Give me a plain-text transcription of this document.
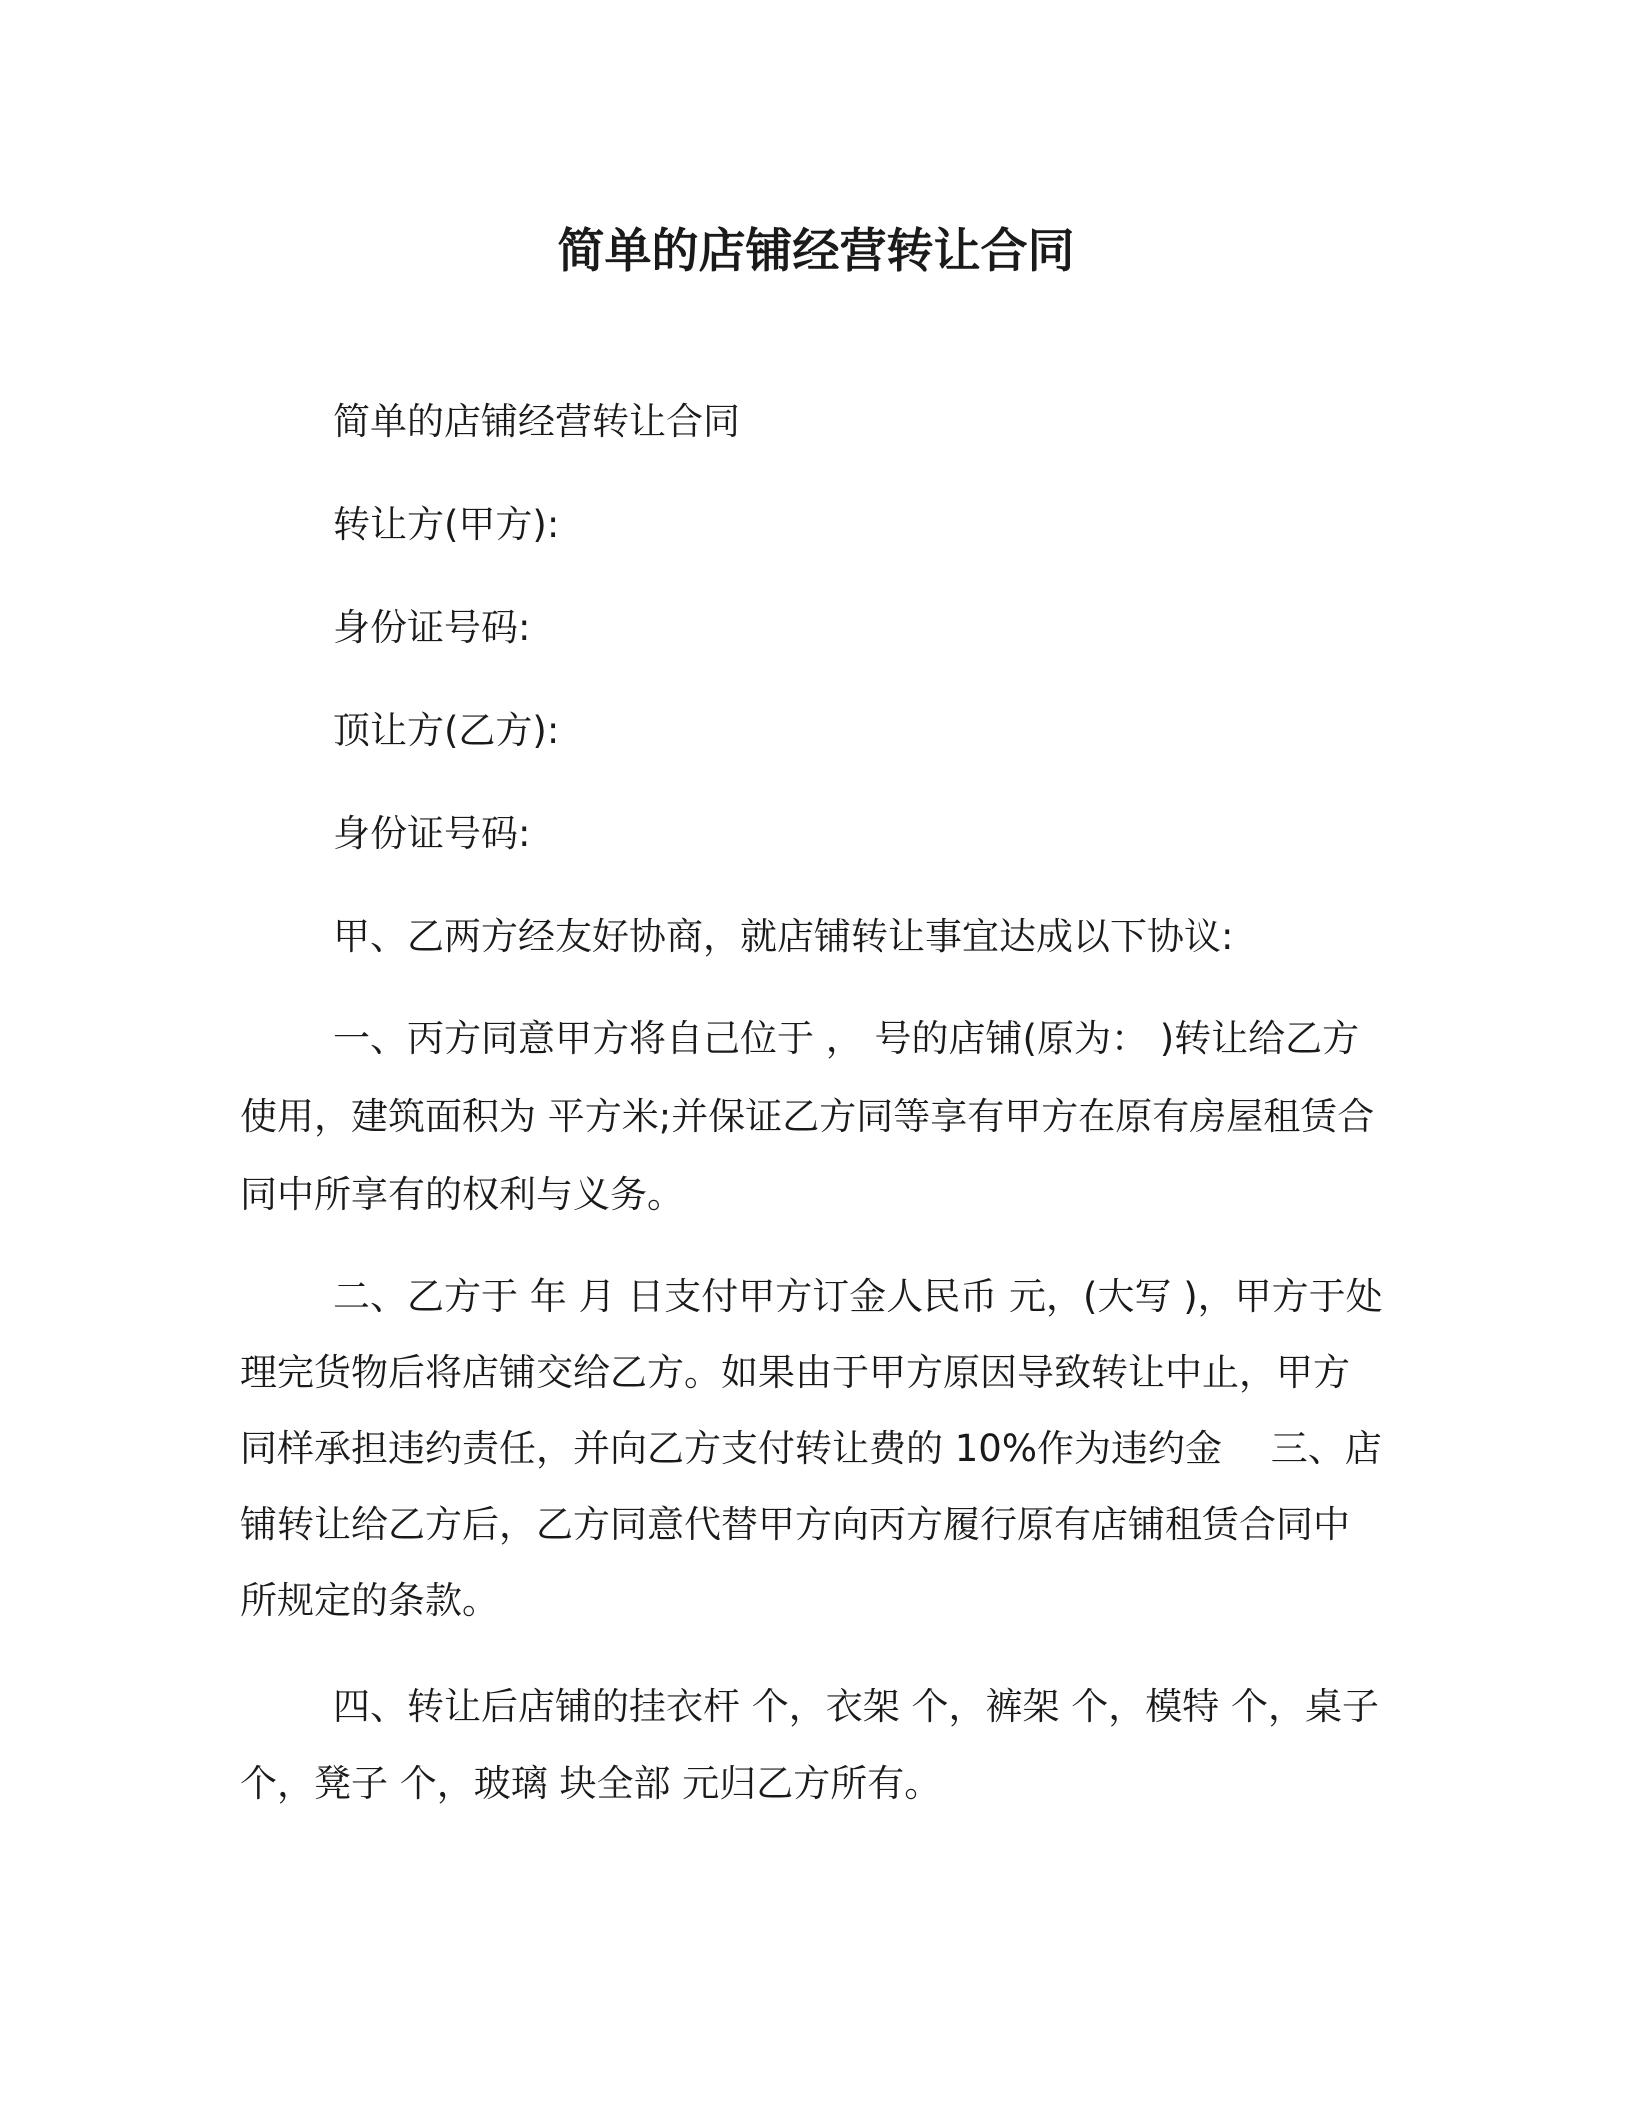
简单的店铺经营转让合同

简单的店铺经营转让合同

转让方(甲方):

身份证号码:

顶让方(乙方):

身份证号码:

甲、乙两方经友好协商，就店铺转让事宜达成以下协议:

一、丙方同意甲方将自己位于 ， 号的店铺(原为： )转让给乙方
使用，建筑面积为 平方米;并保证乙方同等享有甲方在原有房屋租赁合
同中所享有的权利与义务。
二、乙方于 年 月 日支付甲方订金人民币 元，(大写 )，甲方于处
理完货物后将店铺交给乙方。如果由于甲方原因导致转让中止，甲方
同样承担违约责任，并向乙方支付转让费的 10%作为违约金 　三、店
铺转让给乙方后，乙方同意代替甲方向丙方履行原有店铺租赁合同中
所规定的条款。
四、转让后店铺的挂衣杆 个，衣架 个，裤架 个，模特 个，桌子
个，凳子 个，玻璃 块全部 元归乙方所有。
